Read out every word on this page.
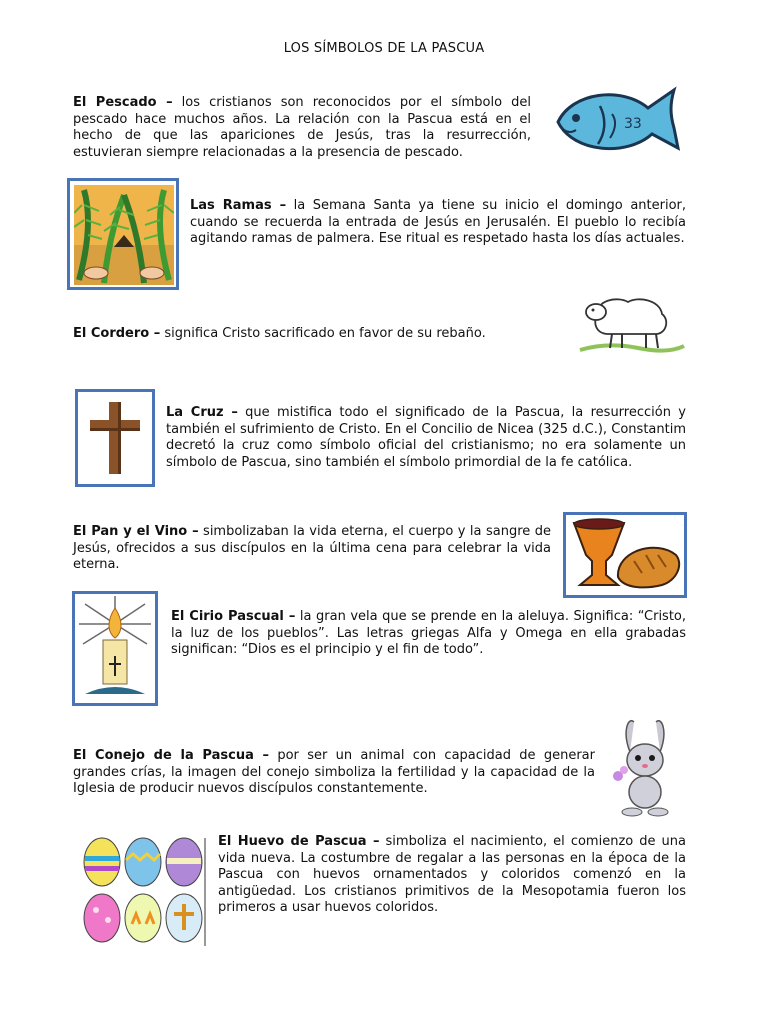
LOS SÍMBOLOS DE LA PASCUA

El Pescado – los cristianos son reconocidos por el símbolo del pescado hace muchos años. La relación con la Pascua está en el hecho de que las apariciones de Jesús, tras la resurrección, estuvieran siempre relacionadas a la presencia de pescado.

33

Las Ramas – la Semana Santa ya tiene su inicio el domingo anterior, cuando se recuerda la entrada de Jesús en Jerusalén. El pueblo lo recibía agitando ramas de palmera. Ese ritual es respetado hasta los días actuales.

El Cordero – significa Cristo sacrificado en favor de su rebaño.

La Cruz – que mistifica todo el significado de la Pascua, la resurrección y también el sufrimiento de Cristo. En el Concilio de Nicea (325 d.C.), Constantim decretó la cruz como símbolo oficial del cristianismo; no era solamente un símbolo de Pascua, sino también el símbolo primordial de la fe católica.

El Pan y el Vino – simbolizaban la vida eterna, el cuerpo y la sangre de Jesús, ofrecidos a sus discípulos en la última cena para celebrar la vida eterna.

El Cirio Pascual – la gran vela que se prende en la aleluya. Significa: “Cristo, la luz de los pueblos”. Las letras griegas Alfa y Omega en ella grabadas significan: “Dios es el principio y el fin de todo”.

El Conejo de la Pascua – por ser un animal con capacidad de generar grandes crías, la imagen del conejo simboliza la fertilidad y la capacidad de la Iglesia de producir nuevos discípulos constantemente.

El Huevo de Pascua – simboliza el nacimiento, el comienzo de una vida nueva. La costumbre de regalar a las personas en la época de la Pascua con huevos ornamentados y coloridos comenzó en la antigüedad. Los cristianos primitivos de la Mesopotamia fueron los primeros a usar huevos coloridos.
